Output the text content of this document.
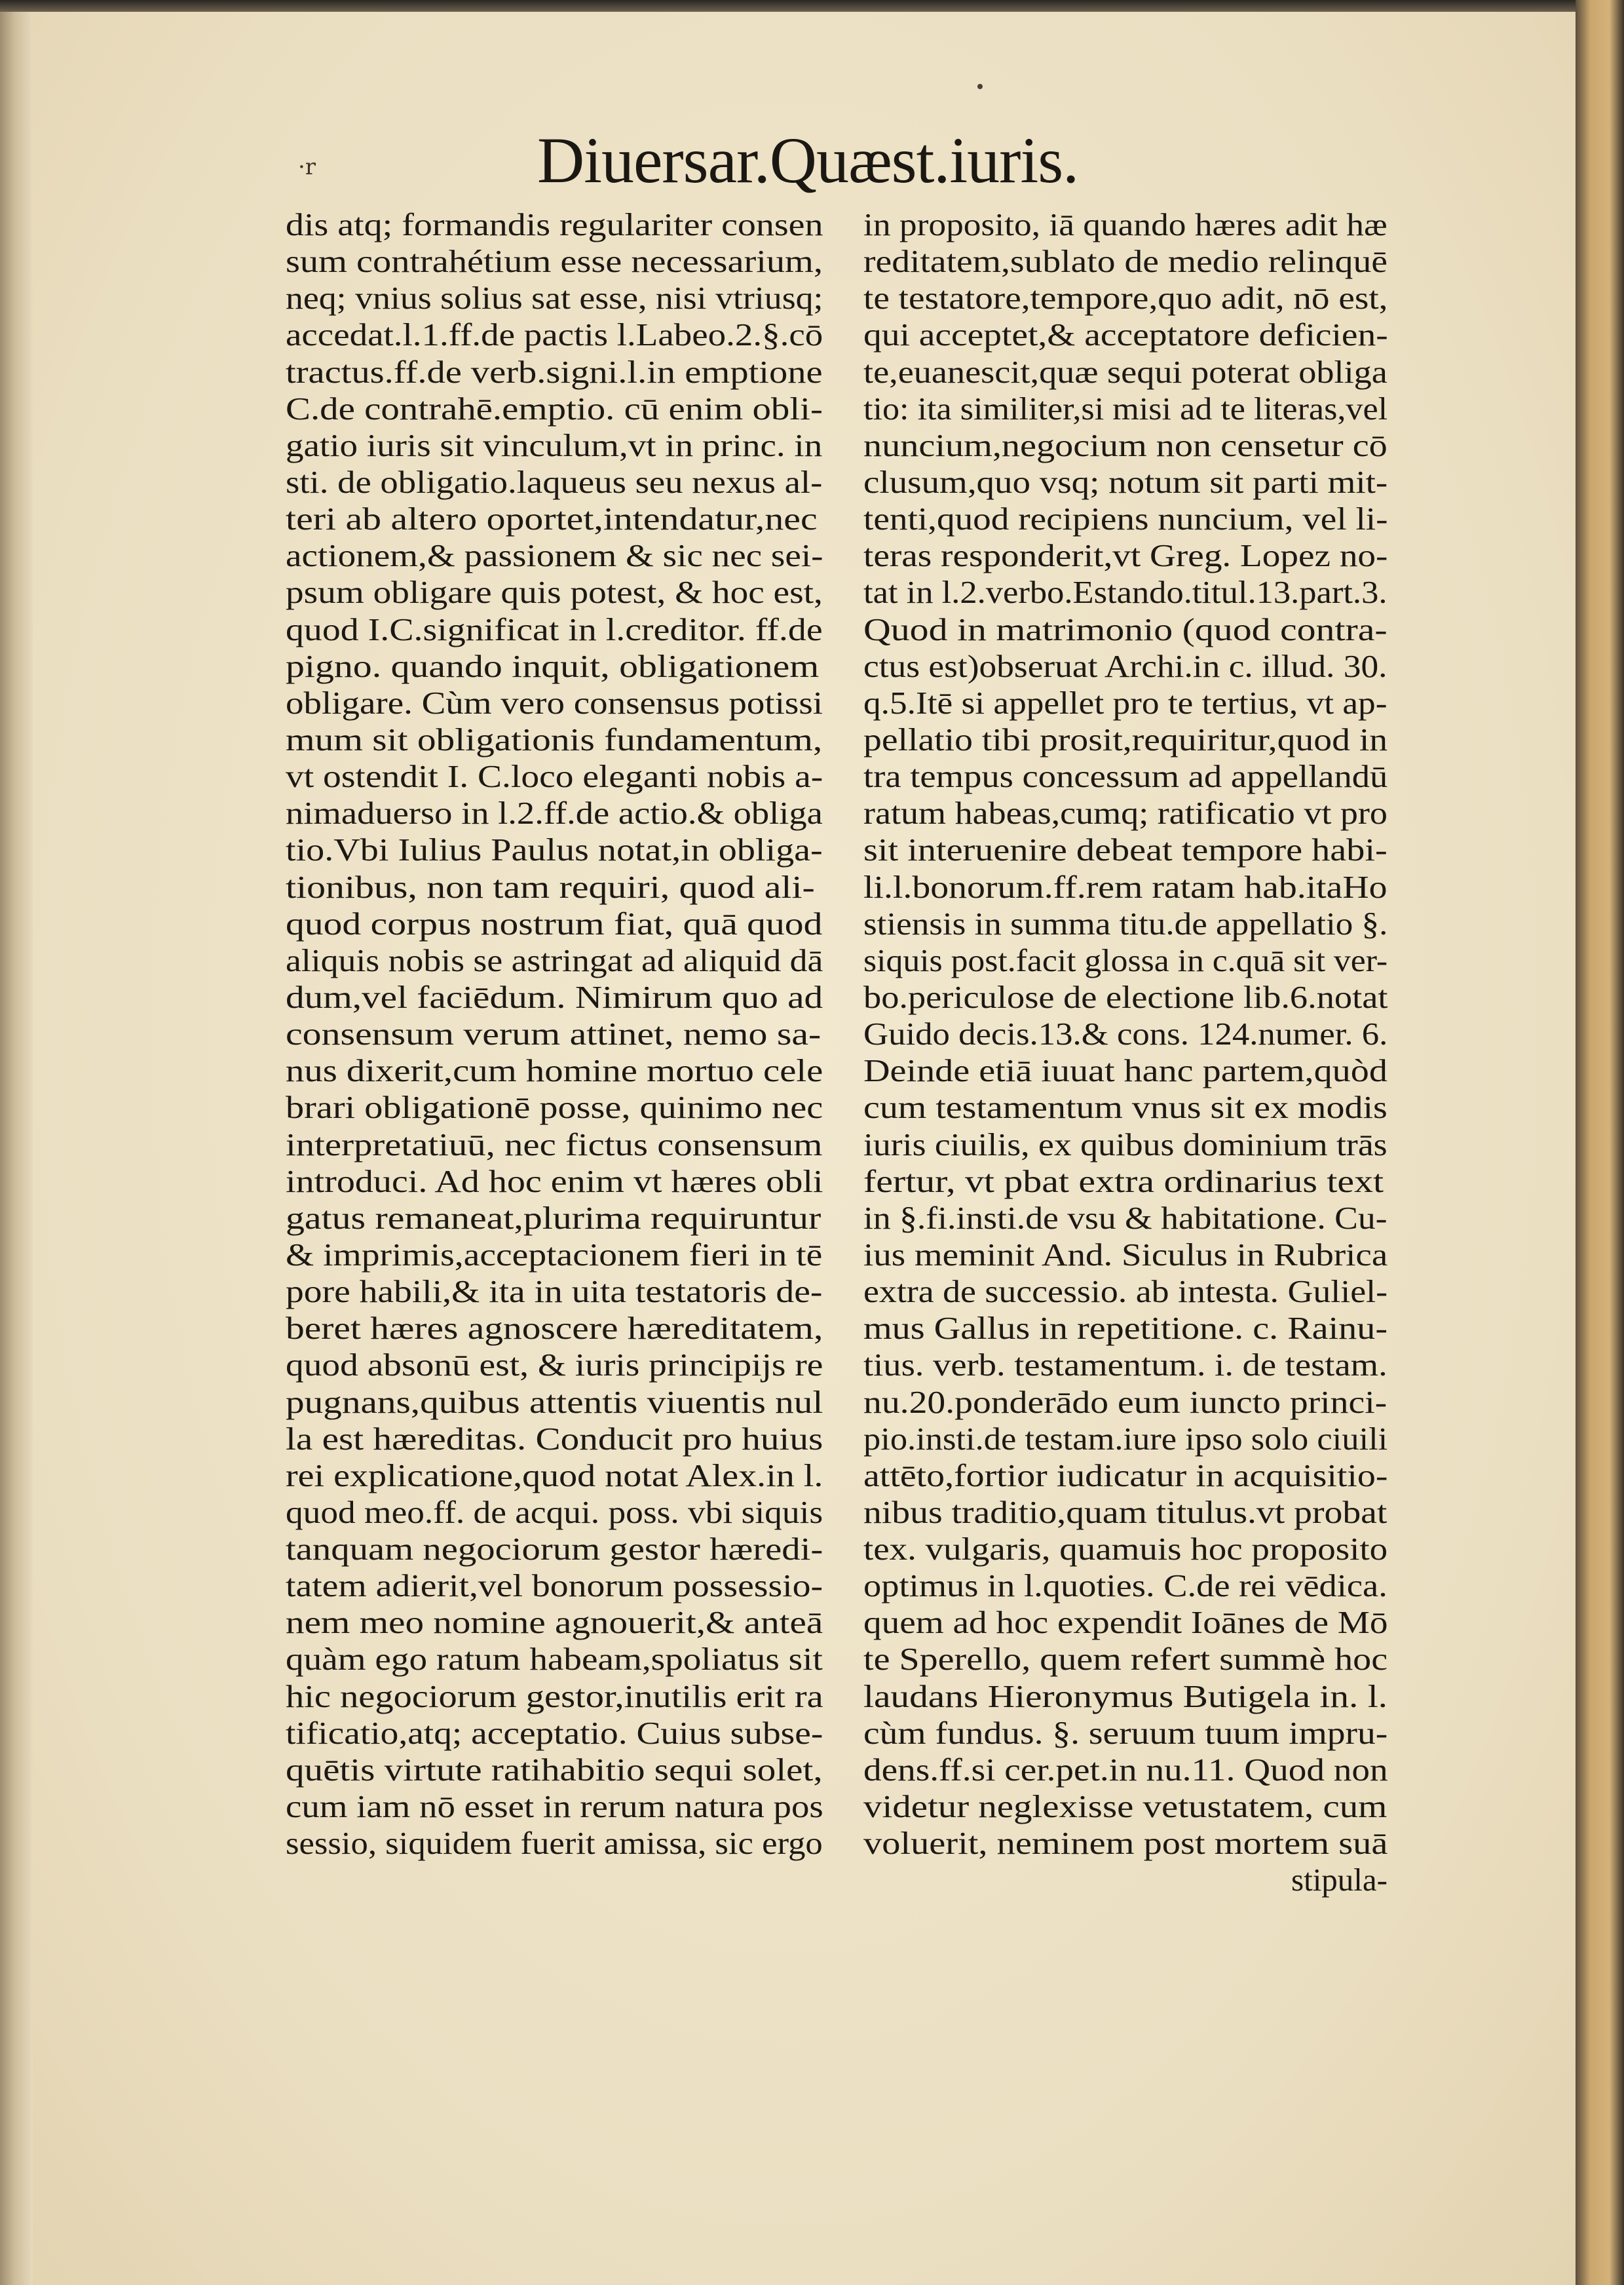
·r	Diuersar.Quæst.iuris.
dis atq; formandis regulariter consen
sum contrahétium esse necessarium,
neq; vnius solius sat esse, nisi vtriusq;
accedat.l.1.ff.de pactis l.Labeo.2.§.cō
tractus.ff.de verb.signi.l.in emptione
C.de contrahē.emptio. cū enim obli-
gatio iuris sit vinculum,vt in princ. in
sti. de obligatio.laqueus seu nexus al-
teri ab altero oportet,intendatur,nec
actionem,& passionem & sic nec sei-
psum obligare quis potest, & hoc est,
quod I.C.significat in l.creditor. ff.de
pigno. quando inquit, obligationem
obligare. Cùm vero consensus potissi
mum sit obligationis fundamentum,
vt ostendit I. C.loco eleganti nobis a-
nimaduerso in l.2.ff.de actio.& obliga
tio.Vbi Iulius Paulus notat,in obliga-
tionibus, non tam requiri, quod ali-
quod corpus nostrum fiat, quā quod
aliquis nobis se astringat ad aliquid dā
dum,vel faciēdum. Nimirum quo ad
consensum verum attinet, nemo sa-
nus dixerit,cum homine mortuo cele
brari obligationē posse, quinimo nec
interpretatiuū, nec fictus consensum
introduci. Ad hoc enim vt hæres obli
gatus remaneat,plurima requiruntur
& imprimis,acceptacionem fieri in tē
pore habili,& ita in uita testatoris de-
beret hæres agnoscere hæreditatem,
quod absonū est, & iuris principijs re
pugnans,quibus attentis viuentis nul
la est hæreditas. Conducit pro huius
rei explicatione,quod notat Alex.in l.
quod meo.ff. de acqui. poss. vbi siquis
tanquam negociorum gestor hæredi-
tatem adierit,vel bonorum possessio-
nem meo nomine agnouerit,& anteā
quàm ego ratum habeam,spoliatus sit
hic negociorum gestor,inutilis erit ra
tificatio,atq; acceptatio. Cuius subse-
quētis virtute ratihabitio sequi solet,
cum iam nō esset in rerum natura pos
sessio, siquidem fuerit amissa, sic ergo
in proposito, iā quando hæres adit hæ
reditatem,sublato de medio relinquē
te testatore,tempore,quo adit, nō est,
qui acceptet,& acceptatore deficien-
te,euanescit,quæ sequi poterat obliga
tio: ita similiter,si misi ad te literas,vel
nuncium,negocium non censetur cō
clusum,quo vsq; notum sit parti mit-
tenti,quod recipiens nuncium, vel li-
teras responderit,vt Greg. Lopez no-
tat in l.2.verbo.Estando.titul.13.part.3.
Quod in matrimonio (quod contra-
ctus est)obseruat Archi.in c. illud. 30.
q.5.Itē si appellet pro te tertius, vt ap-
pellatio tibi prosit,requiritur,quod in
tra tempus concessum ad appellandū
ratum habeas,cumq; ratificatio vt pro
sit interuenire debeat tempore habi-
li.l.bonorum.ff.rem ratam hab.itaHo
stiensis in summa titu.de appellatio §.
siquis post.facit glossa in c.quā sit ver-
bo.periculose de electione lib.6.notat
Guido decis.13.& cons. 124.numer. 6.
Deinde etiā iuuat hanc partem,quòd
cum testamentum vnus sit ex modis
iuris ciuilis, ex quibus dominium trās
fertur, vt pbat extra ordinarius text
in §.fi.insti.de vsu & habitatione. Cu-
ius meminit And. Siculus in Rubrica
extra de successio. ab intesta. Guliel-
mus Gallus in repetitione. c. Rainu-
tius. verb. testamentum. i. de testam.
nu.20.ponderādo eum iuncto princi-
pio.insti.de testam.iure ipso solo ciuili
attēto,fortior iudicatur in acquisitio-
nibus traditio,quam titulus.vt probat
tex. vulgaris, quamuis hoc proposito
optimus in l.quoties. C.de rei vēdica.
quem ad hoc expendit Ioānes de Mō
te Sperello, quem refert summè hoc
laudans Hieronymus Butigela in. l.
cùm fundus. §. seruum tuum impru-
dens.ff.si cer.pet.in nu.11. Quod non
videtur neglexisse vetustatem, cum
voluerit, neminem post mortem suā
stipula-
